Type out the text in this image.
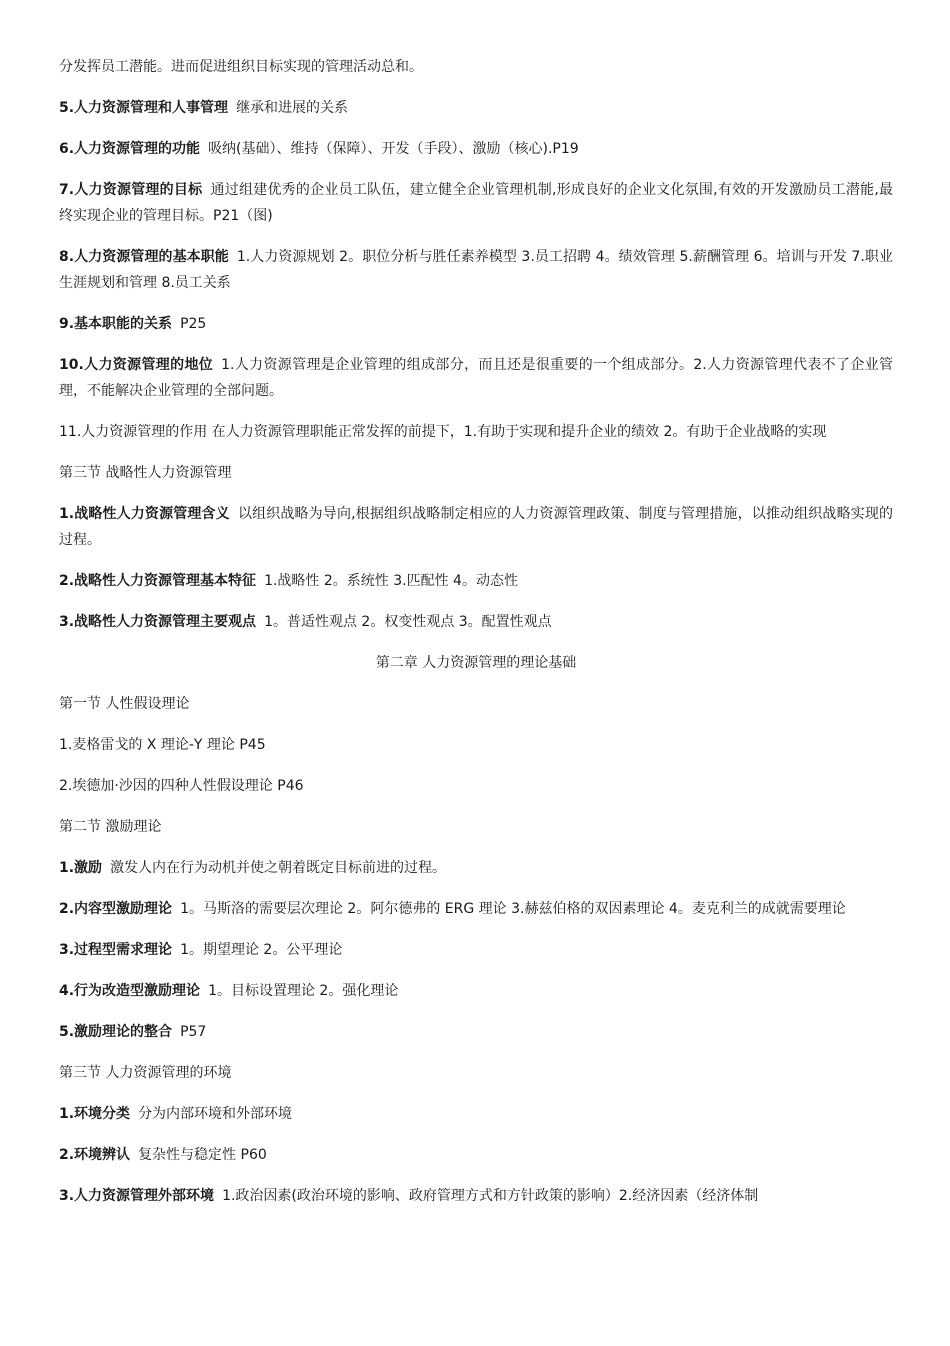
分发挥员工潜能。进而促进组织目标实现的管理活动总和。

5.人力资源管理和人事管理 继承和进展的关系

6.人力资源管理的功能 吸纳(基础）、维持（保障）、开发（手段）、激励（核心).P19

7.人力资源管理的目标 通过组建优秀的企业员工队伍，建立健全企业管理机制,形成良好的企业文化氛围,有效的开发激励员工潜能,最终实现企业的管理目标。P21（图)

8.人力资源管理的基本职能 1.人力资源规划 2。职位分析与胜任素养模型 3.员工招聘 4。绩效管理 5.薪酬管理 6。培训与开发 7.职业生涯规划和管理 8.员工关系

9.基本职能的关系 P25

10.人力资源管理的地位 1.人力资源管理是企业管理的组成部分，而且还是很重要的一个组成部分。2.人力资源管理代表不了企业管理，不能解决企业管理的全部问题。

11.人力资源管理的作用 在人力资源管理职能正常发挥的前提下，1.有助于实现和提升企业的绩效 2。有助于企业战略的实现

第三节 战略性人力资源管理

1.战略性人力资源管理含义 以组织战略为导向,根据组织战略制定相应的人力资源管理政策、制度与管理措施，以推动组织战略实现的过程。

2.战略性人力资源管理基本特征 1.战略性 2。系统性 3.匹配性 4。动态性

3.战略性人力资源管理主要观点 1。普适性观点 2。权变性观点 3。配置性观点

第二章 人力资源管理的理论基础

第一节 人性假设理论

1.麦格雷戈的 X 理论-Y 理论 P45

2.埃德加·沙因的四种人性假设理论 P46

第二节 激励理论

1.激励 激发人内在行为动机并使之朝着既定目标前进的过程。

2.内容型激励理论 1。马斯洛的需要层次理论 2。阿尔德弗的 ERG 理论 3.赫兹伯格的双因素理论 4。麦克利兰的成就需要理论

3.过程型需求理论 1。期望理论 2。公平理论

4.行为改造型激励理论 1。目标设置理论 2。强化理论

5.激励理论的整合 P57

第三节 人力资源管理的环境

1.环境分类 分为内部环境和外部环境

2.环境辨认 复杂性与稳定性 P60

3.人力资源管理外部环境 1.政治因素(政治环境的影响、政府管理方式和方针政策的影响）2.经济因素（经济体制
